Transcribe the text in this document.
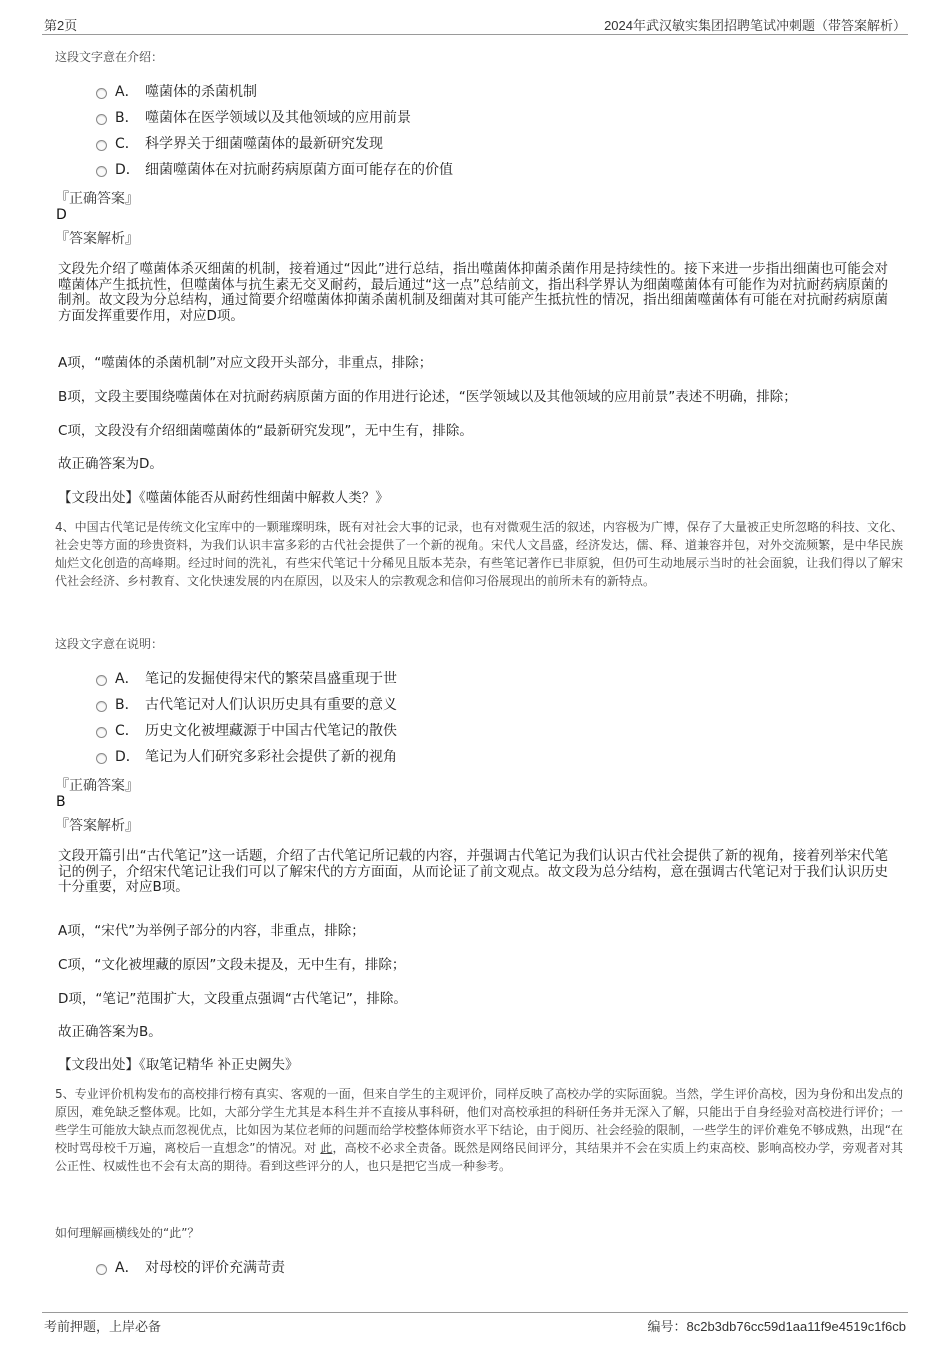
第2页	2024年武汉敏实集团招聘笔试冲刺题（带答案解析）
这段文字意在介绍：
A． 噬菌体的杀菌机制
B． 噬菌体在医学领域以及其他领域的应用前景
C． 科学界关于细菌噬菌体的最新研究发现
D． 细菌噬菌体在对抗耐药病原菌方面可能存在的价值
『正确答案』
D
『答案解析』
文段先介绍了噬菌体杀灭细菌的机制，接着通过“因此”进行总结，指出噬菌体抑菌杀菌作用是持续性的。接下来进一步指出细菌也可能会对噬菌体产生抵抗性，但噬菌体与抗生素无交叉耐药，最后通过“这一点”总结前文，指出科学界认为细菌噬菌体有可能作为对抗耐药病原菌的制剂。故文段为分总结构，通过简要介绍噬菌体抑菌杀菌机制及细菌对其可能产生抵抗性的情况，指出细菌噬菌体有可能在对抗耐药病原菌方面发挥重要作用，对应D项。
A项，“噬菌体的杀菌机制”对应文段开头部分，非重点，排除；
B项，文段主要围绕噬菌体在对抗耐药病原菌方面的作用进行论述，“医学领域以及其他领域的应用前景”表述不明确，排除；
C项，文段没有介绍细菌噬菌体的“最新研究发现”，无中生有，排除。
故正确答案为D。
【文段出处】《噬菌体能否从耐药性细菌中解救人类？》
4、中国古代笔记是传统文化宝库中的一颗璀璨明珠，既有对社会大事的记录，也有对微观生活的叙述，内容极为广博，保存了大量被正史所忽略的科技、文化、社会史等方面的珍贵资料，为我们认识丰富多彩的古代社会提供了一个新的视角。宋代人文昌盛，经济发达，儒、释、道兼容并包，对外交流频繁，是中华民族灿烂文化创造的高峰期。经过时间的洗礼，有些宋代笔记十分稀见且版本芜杂，有些笔记著作已非原貌，但仍可生动地展示当时的社会面貌，让我们得以了解宋代社会经济、乡村教育、文化快速发展的内在原因，以及宋人的宗教观念和信仰习俗展现出的前所未有的新特点。
这段文字意在说明：
A． 笔记的发掘使得宋代的繁荣昌盛重现于世
B． 古代笔记对人们认识历史具有重要的意义
C． 历史文化被埋藏源于中国古代笔记的散佚
D． 笔记为人们研究多彩社会提供了新的视角
『正确答案』
B
『答案解析』
文段开篇引出“古代笔记”这一话题，介绍了古代笔记所记载的内容，并强调古代笔记为我们认识古代社会提供了新的视角，接着列举宋代笔记的例子，介绍宋代笔记让我们可以了解宋代的方方面面，从而论证了前文观点。故文段为总分结构，意在强调古代笔记对于我们认识历史十分重要，对应B项。
A项，“宋代”为举例子部分的内容，非重点，排除；
C项，“文化被埋藏的原因”文段未提及，无中生有，排除；
D项，“笔记”范围扩大，文段重点强调“古代笔记”，排除。
故正确答案为B。
【文段出处】《取笔记精华 补正史阙失》
5、专业评价机构发布的高校排行榜有真实、客观的一面，但来自学生的主观评价，同样反映了高校办学的实际面貌。当然，学生评价高校，因为身份和出发点的原因，难免缺乏整体观。比如，大部分学生尤其是本科生并不直接从事科研，他们对高校承担的科研任务并无深入了解，只能出于自身经验对高校进行评价；一些学生可能放大缺点而忽视优点，比如因为某位老师的问题而给学校整体师资水平下结论，由于阅历、社会经验的限制，一些学生的评价难免不够成熟，出现“在校时骂母校千万遍，离校后一直想念”的情况。对 此，高校不必求全责备。既然是网络民间评分，其结果并不会在实质上约束高校、影响高校办学，旁观者对其公正性、权威性也不会有太高的期待。看到这些评分的人，也只是把它当成一种参考。
如何理解画横线处的“此”？
A． 对母校的评价充满苛责
考前押题，上岸必备	编号：8c2b3db76cc59d1aa11f9e4519c1f6cb
